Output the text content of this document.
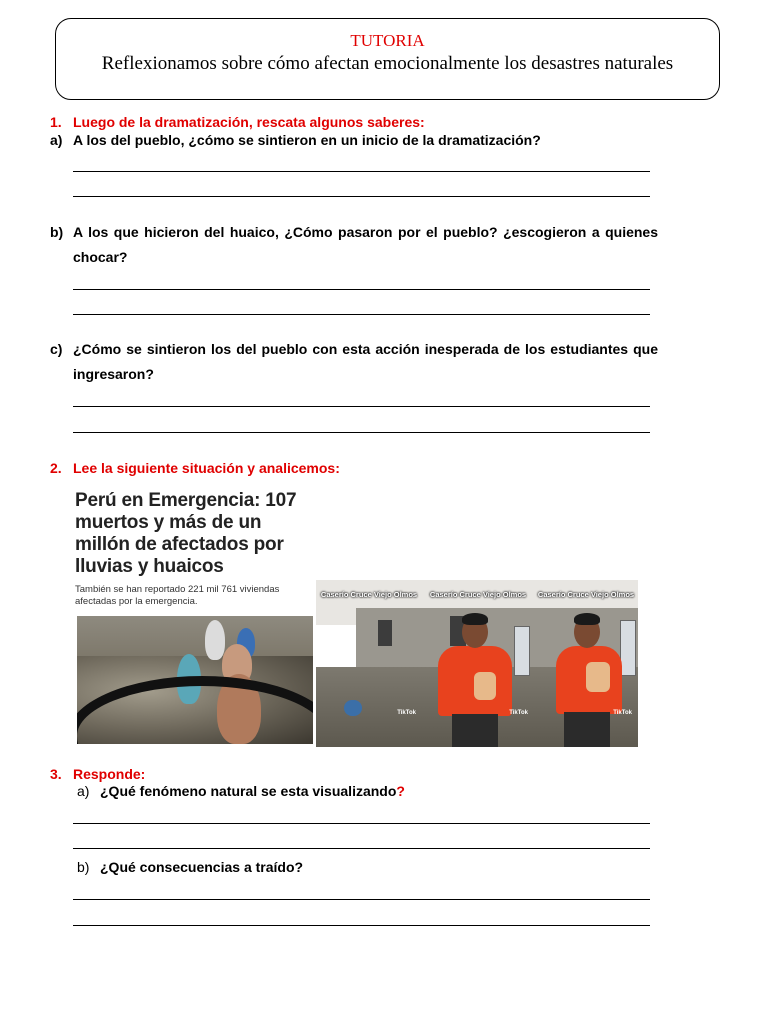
TUTORIA
Reflexionamos sobre cómo afectan emocionalmente los desastres naturales
1. Luego de la dramatización, rescata algunos saberes:
a) A los del pueblo, ¿cómo se sintieron en un inicio de la dramatización?
b) A los que hicieron del huaico, ¿Cómo pasaron por el pueblo? ¿escogieron a quienes chocar?
c) ¿Cómo se sintieron los del pueblo con esta acción inesperada de los estudiantes que ingresaron?
2. Lee la siguiente situación y analicemos:
Perú en Emergencia: 107 muertos y más de un millón de afectados por lluvias y huaicos
También se han reportado 221 mil 761 viviendas afectadas por la emergencia.
Caserío Cruce Viejo Olmos
TikTok
Caserío Cruce Viejo Olmos
TikTok
Caserío Cruce Viejo Olmos
TikTok
3. Responde:
a) ¿Qué fenómeno natural se esta visualizando?
b) ¿Qué consecuencias a traído?
